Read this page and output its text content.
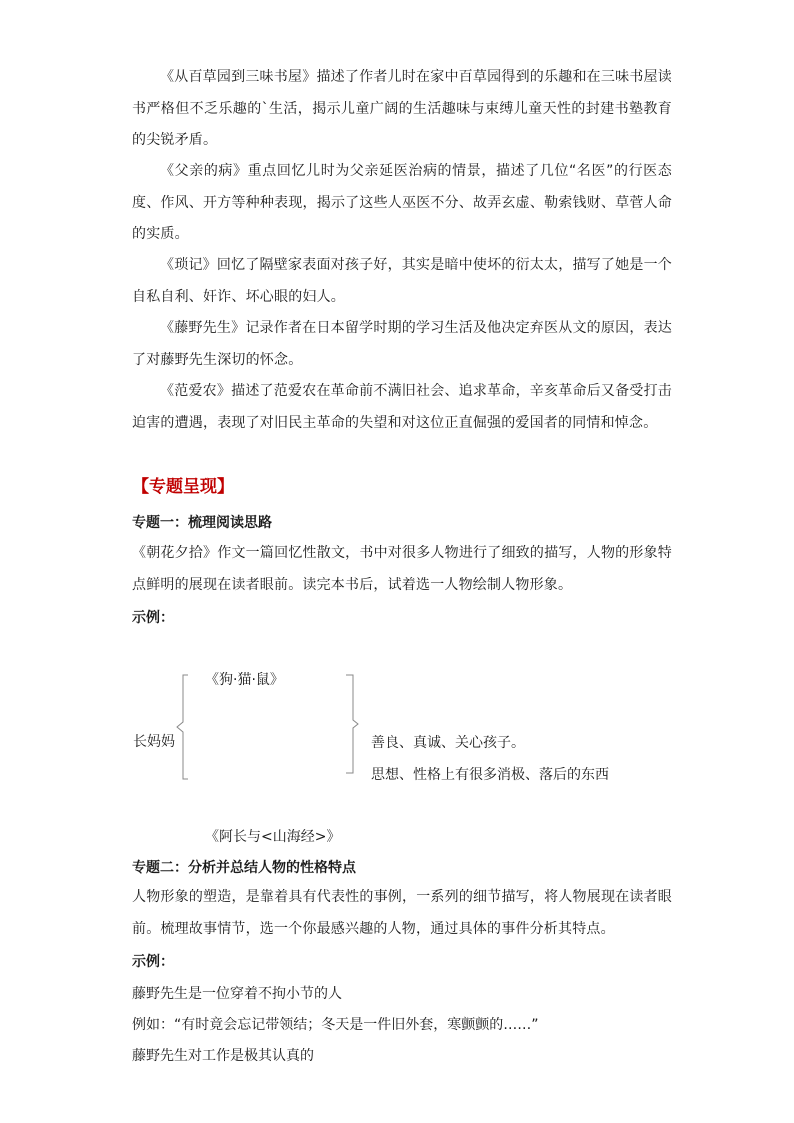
《从百草园到三味书屋》描述了作者儿时在家中百草园得到的乐趣和在三味书屋读书严格但不乏乐趣的`生活，揭示儿童广阔的生活趣味与束缚儿童天性的封建书塾教育的尖锐矛盾。

《父亲的病》重点回忆儿时为父亲延医治病的情景，描述了几位“名医”的行医态度、作风、开方等种种表现，揭示了这些人巫医不分、故弄玄虚、勒索钱财、草菅人命的实质。

《琐记》回忆了隔壁家表面对孩子好，其实是暗中使坏的衍太太，描写了她是一个自私自利、奸诈、坏心眼的妇人。

《藤野先生》记录作者在日本留学时期的学习生活及他决定弃医从文的原因，表达了对藤野先生深切的怀念。

《范爱农》描述了范爱农在革命前不满旧社会、追求革命，辛亥革命后又备受打击迫害的遭遇，表现了对旧民主革命的失望和对这位正直倔强的爱国者的同情和悼念。

【专题呈现】

专题一：梳理阅读思路

《朝花夕拾》作文一篇回忆性散文，书中对很多人物进行了细致的描写，人物的形象特点鲜明的展现在读者眼前。读完本书后，试着选一人物绘制人物形象。

示例：

《狗·猫·鼠》
长妈妈	善良、真诚、关心孩子。
思想、性格上有很多消极、落后的东西
《阿长与<山海经>》

专题二：分析并总结人物的性格特点

人物形象的塑造，是靠着具有代表性的事例，一系列的细节描写，将人物展现在读者眼前。梳理故事情节，选一个你最感兴趣的人物，通过具体的事件分析其特点。

示例：

藤野先生是一位穿着不拘小节的人

例如：“有时竟会忘记带领结；冬天是一件旧外套，寒颤颤的……”

藤野先生对工作是极其认真的
